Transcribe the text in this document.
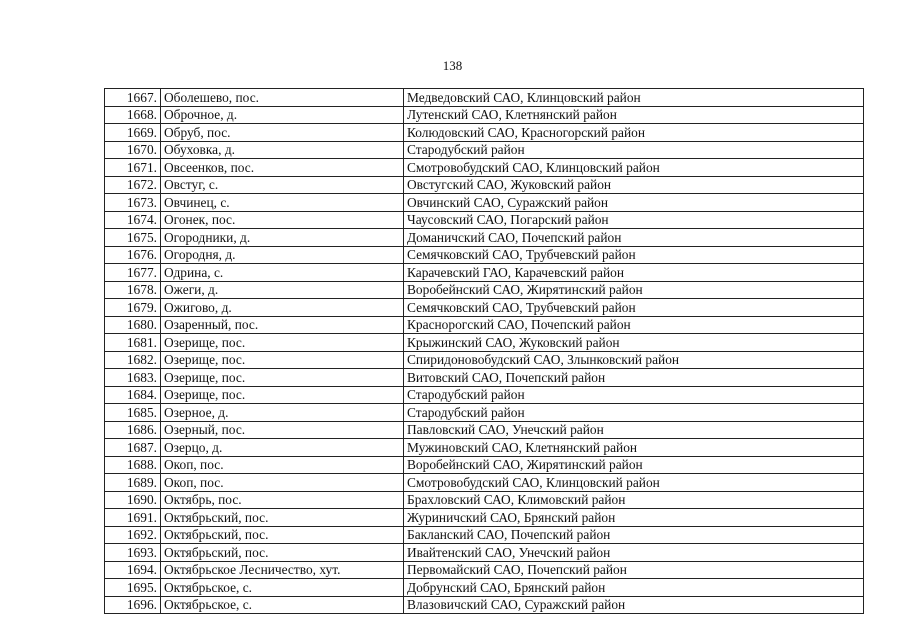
138
1667.	Оболешево, пос.	Медведовский САО, Клинцовский район
1668.	Оброчное, д.	Лутенский САО, Клетнянский район
1669.	Обруб, пос.	Колюдовский САО, Красногорский район
1670.	Обуховка, д.	Стародубский район
1671.	Овсеенков, пос.	Смотровобудский САО, Клинцовский район
1672.	Овстуг, с.	Овстугский САО, Жуковский район
1673.	Овчинец, с.	Овчинский САО, Суражский район
1674.	Огонек, пос.	Чаусовский САО, Погарский район
1675.	Огородники, д.	Доманичский САО, Почепский район
1676.	Огородня, д.	Семячковский САО, Трубчевский район
1677.	Одрина, с.	Карачевский ГАО, Карачевский район
1678.	Ожеги, д.	Воробейнский САО, Жирятинский район
1679.	Ожигово, д.	Семячковский САО, Трубчевский район
1680.	Озаренный, пос.	Красноpогский САО, Почепский район
1681.	Озерище, пос.	Крыжинский САО, Жуковский район
1682.	Озерище, пос.	Спиридоновобудский САО, Злынковский район
1683.	Озерище, пос.	Витовский САО, Почепский район
1684.	Озерище, пос.	Стародубский район
1685.	Озерное, д.	Стародубский район
1686.	Озерный, пос.	Павловский САО, Унечский район
1687.	Озерцо, д.	Мужиновский САО, Клетнянский район
1688.	Окоп, пос.	Воробейнский САО, Жирятинский район
1689.	Окоп, пос.	Смотровобудский САО, Клинцовский район
1690.	Октябрь, пос.	Брахловский САО, Климовский район
1691.	Октябрьский, пос.	Журиничский САО, Брянский район
1692.	Октябрьский, пос.	Бакланский САО, Почепский район
1693.	Октябрьский, пос.	Ивайтенский САО, Унечский район
1694.	Октябрьское Лесничество, хут.	Первомайский САО, Почепский район
1695.	Октябрьское, с.	Добрунский САО, Брянский район
1696.	Октябрьское, с.	Влазовичский САО, Суражский район
